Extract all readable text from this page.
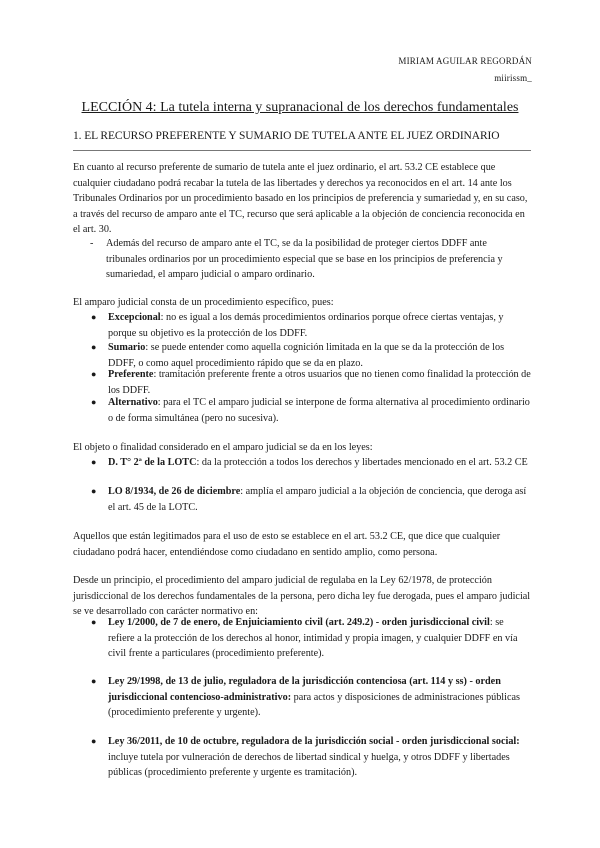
MIRIAM AGUILAR REGORDÁN
miirissm_
LECCIÓN 4: La tutela interna y supranacional de los derechos fundamentales
1. EL RECURSO PREFERENTE Y SUMARIO DE TUTELA ANTE EL JUEZ ORDINARIO

En cuanto al recurso preferente de sumario de tutela ante el juez ordinario, el art. 53.2 CE establece que cualquier ciudadano podrá recabar la tutela de las libertades y derechos ya reconocidos en el art. 14 ante los Tribunales Ordinarios por un procedimiento basado en los principios de preferencia y sumariedad y, en su caso, a través del recurso de amparo ante el TC, recurso que será aplicable a la objeción de conciencia reconocida en el art. 30.

- Además del recurso de amparo ante el TC, se da la posibilidad de proteger ciertos DDFF ante tribunales ordinarios por un procedimiento especial que se base en los principios de preferencia y sumariedad, el amparo judicial o amparo ordinario.

El amparo judicial consta de un procedimiento específico, pues:

● Excepcional: no es igual a los demás procedimientos ordinarios porque ofrece ciertas ventajas, y porque su objetivo es la protección de los DDFF.
● Sumario: se puede entender como aquella cognición limitada en la que se da la protección de los DDFF, o como aquel procedimiento rápido que se da en plazo.
● Preferente: tramitación preferente frente a otros usuarios que no tienen como finalidad la protección de los DDFF.
● Alternativo: para el TC el amparo judicial se interpone de forma alternativa al procedimiento ordinario o de forma simultánea (pero no sucesiva).

El objeto o finalidad considerado en el amparo judicial se da en los leyes:

● D. T° 2ª de la LOTC: da la protección a todos los derechos y libertades mencionado en el art. 53.2 CE
● LO 8/1934, de 26 de diciembre: amplía el amparo judicial a la objeción de conciencia, que deroga así el art. 45 de la LOTC.

Aquellos que están legitimados para el uso de esto se establece en el art. 53.2 CE, que dice que cualquier ciudadano podrá hacer, entendiéndose como ciudadano en sentido amplio, como persona.

Desde un principio, el procedimiento del amparo judicial de regulaba en la Ley 62/1978, de protección jurisdiccional de los derechos fundamentales de la persona, pero dicha ley fue derogada, pues el amparo judicial se ve desarrollado con carácter normativo en:

● Ley 1/2000, de 7 de enero, de Enjuiciamiento civil (art. 249.2) - orden jurisdiccional civil: se refiere a la protección de los derechos al honor, intimidad y propia imagen, y cualquier DDFF en vía civil frente a particulares (procedimiento preferente).
● Ley 29/1998, de 13 de julio, reguladora de la jurisdicción contenciosa (art. 114 y ss) - orden jurisdiccional contencioso-administrativo: para actos y disposiciones de administraciones públicas (procedimiento preferente y urgente).
● Ley 36/2011, de 10 de octubre, reguladora de la jurisdicción social - orden jurisdiccional social: incluye tutela por vulneración de derechos de libertad sindical y huelga, y otros DDFF y libertades públicas (procedimiento preferente y urgente es tramitación).
